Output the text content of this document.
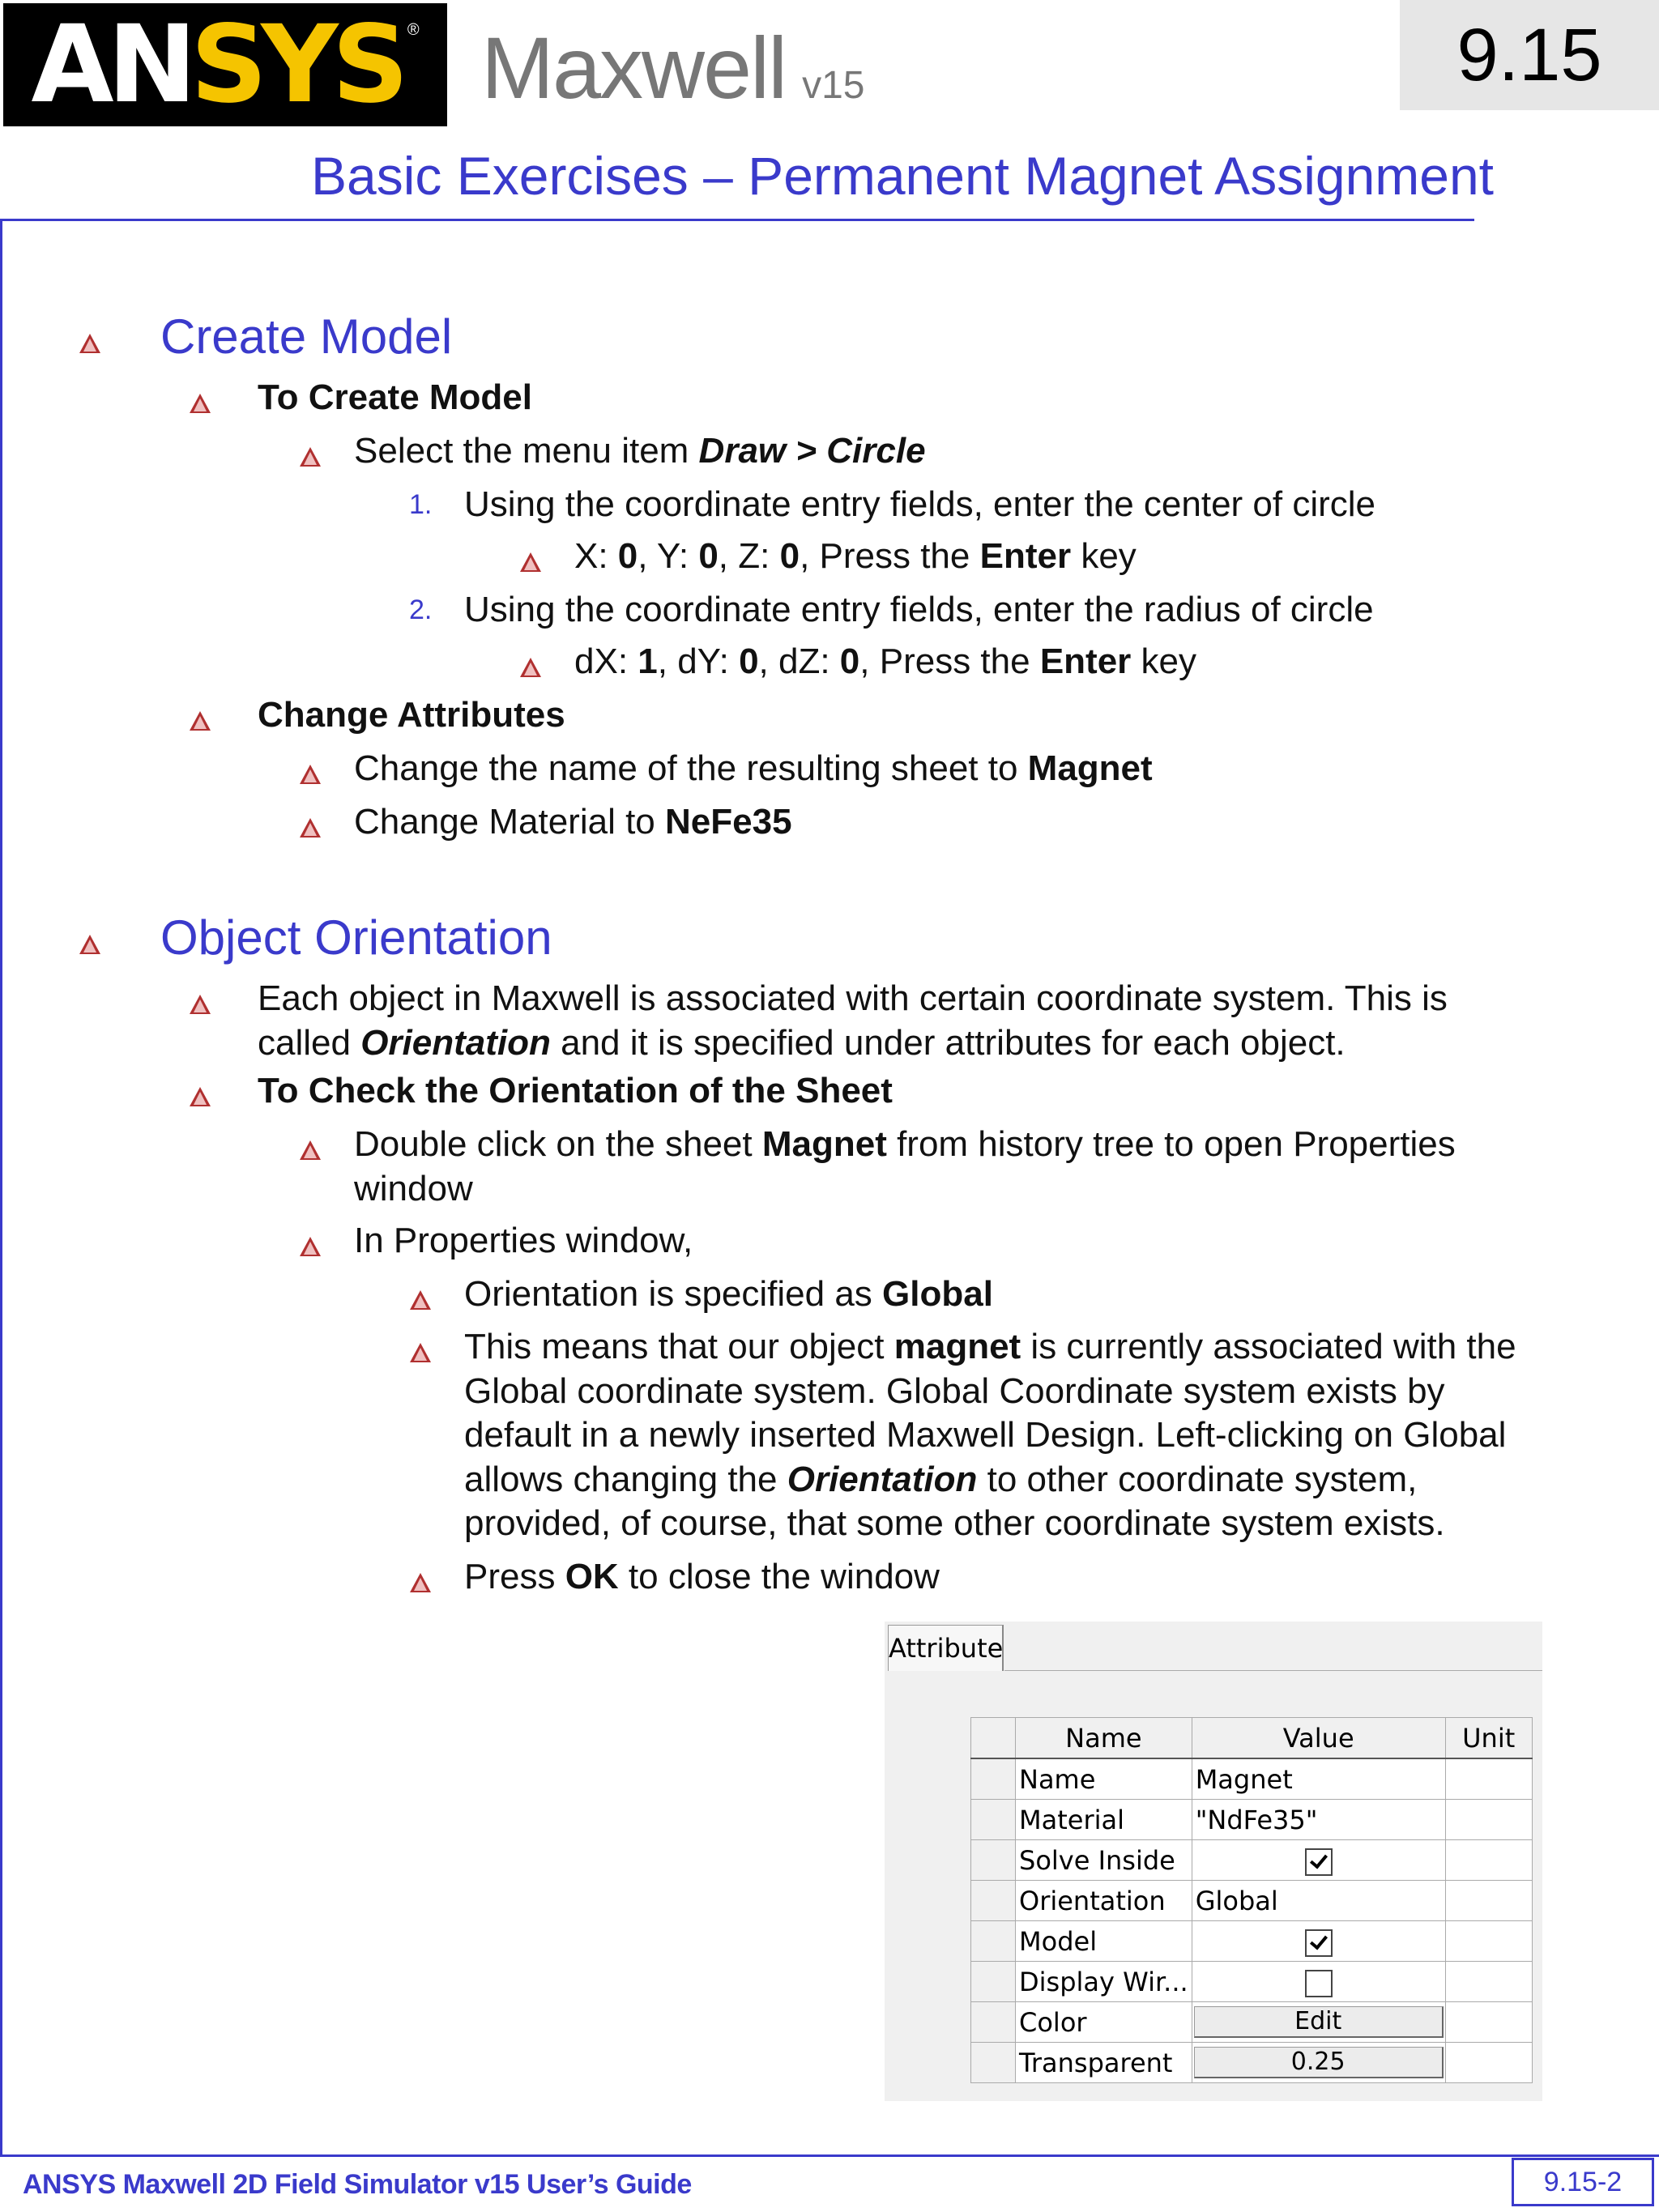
AN SYS ® Maxwell v15	9.15
Basic Exercises – Permanent Magnet Assignment
Create Model
To Create Model
Select the menu item Draw > Circle
1. Using the coordinate entry fields, enter the center of circle
X: 0, Y: 0, Z: 0, Press the Enter key
2. Using the coordinate entry fields, enter the radius of circle
dX: 1, dY: 0, dZ: 0, Press the Enter key
Change Attributes
Change the name of the resulting sheet to Magnet
Change Material to NeFe35
Object Orientation
Each object in Maxwell is associated with certain coordinate system. This is
called Orientation and it is specified under attributes for each object.
To Check the Orientation of the Sheet
Double click on the sheet Magnet from history tree to open Properties
window
In Properties window,
Orientation is specified as Global
This means that our object magnet is currently associated with the
Global coordinate system. Global Coordinate system exists by
default in a newly inserted Maxwell Design. Left-clicking on Global
allows changing the Orientation to other coordinate system,
provided, of course, that some other coordinate system exists.
Press OK to close the window
Attribute
	Name	Value	Unit
	Name	Magnet	
	Material	"NdFe35"	
	Solve Inside		
	Orientation	Global	
	Model		
	Display Wir...		
	Color	Edit	

	Transparent	0.25	

ANSYS Maxwell 2D Field Simulator v15 User’s Guide	9.15-2
